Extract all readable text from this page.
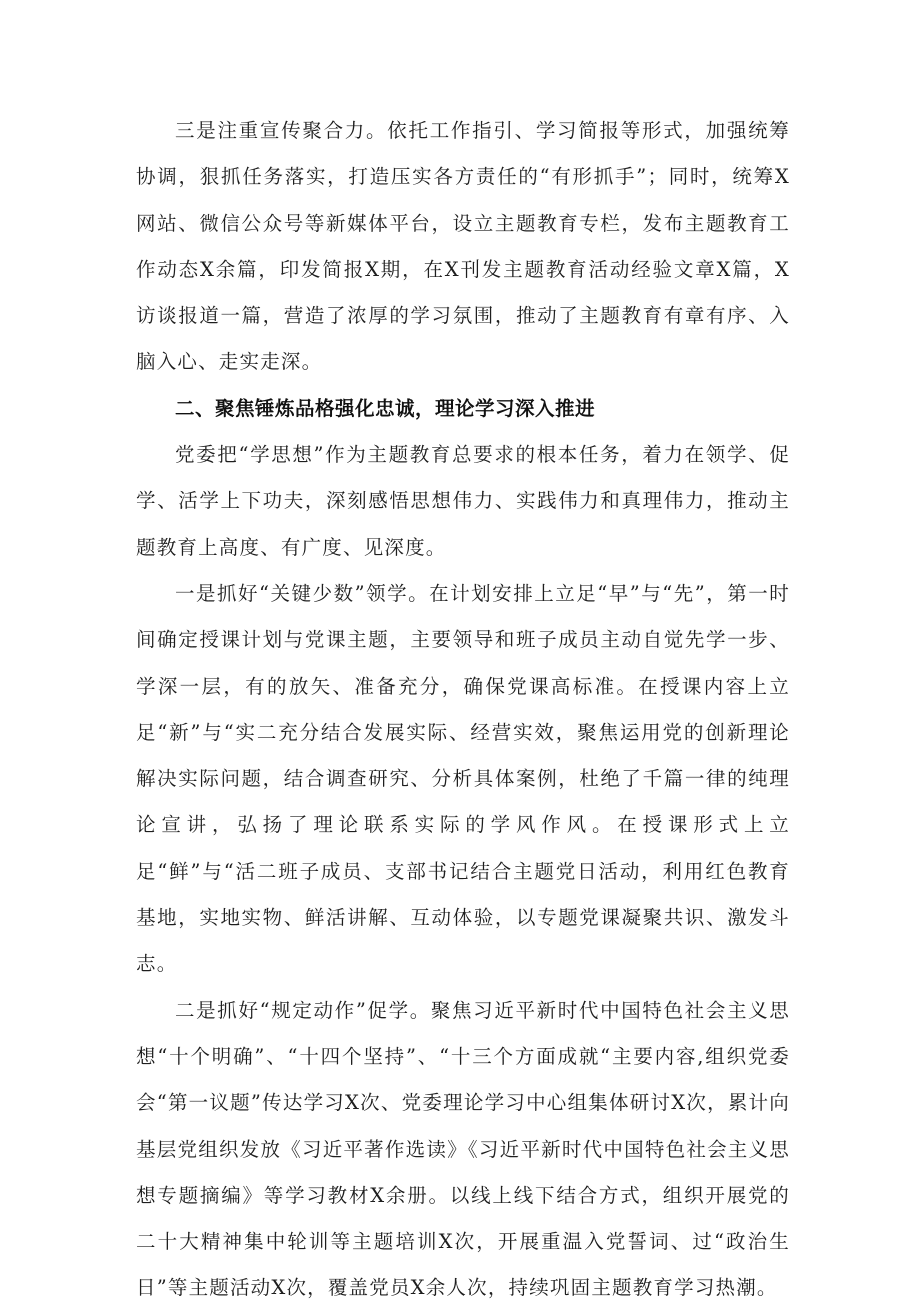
三是注重宣传聚合力。依托工作指引、学习简报等形式，加强统筹协调，狠抓任务落实，打造压实各方责任的“有形抓手”；同时，统筹X网站、微信公众号等新媒体平台，设立主题教育专栏，发布主题教育工作动态X余篇，印发简报X期，在X刊发主题教育活动经验文章X篇，X访谈报道一篇，营造了浓厚的学习氛围，推动了主题教育有章有序、入脑入心、走实走深。

二、聚焦锤炼品格强化忠诚，理论学习深入推进

党委把“学思想”作为主题教育总要求的根本任务，着力在领学、促学、活学上下功夫，深刻感悟思想伟力、实践伟力和真理伟力，推动主题教育上高度、有广度、见深度。

一是抓好“关键少数”领学。在计划安排上立足“早”与“先”，第一时间确定授课计划与党课主题，主要领导和班子成员主动自觉先学一步、学深一层，有的放矢、准备充分，确保党课高标准。在授课内容上立足“新”与“实二充分结合发展实际、经营实效，聚焦运用党的创新理论解决实际问题，结合调查研究、分析具体案例，杜绝了千篇一律的纯理论宣讲，弘扬了理论联系实际的学风作风。在授课形式上立足“鲜”与“活二班子成员、支部书记结合主题党日活动，利用红色教育基地，实地实物、鲜活讲解、互动体验，以专题党课凝聚共识、激发斗志。

二是抓好“规定动作”促学。聚焦习近平新时代中国特色社会主义思想“十个明确”、“十四个坚持”、“十三个方面成就“主要内容,组织党委会“第一议题”传达学习X次、党委理论学习中心组集体研讨X次，累计向基层党组织发放《习近平著作选读》《习近平新时代中国特色社会主义思想专题摘编》等学习教材X余册。以线上线下结合方式，组织开展党的二十大精神集中轮训等主题培训X次，开展重温入党誓词、过“政治生日”等主题活动X次，覆盖党员X余人次，持续巩固主题教育学习热潮。
